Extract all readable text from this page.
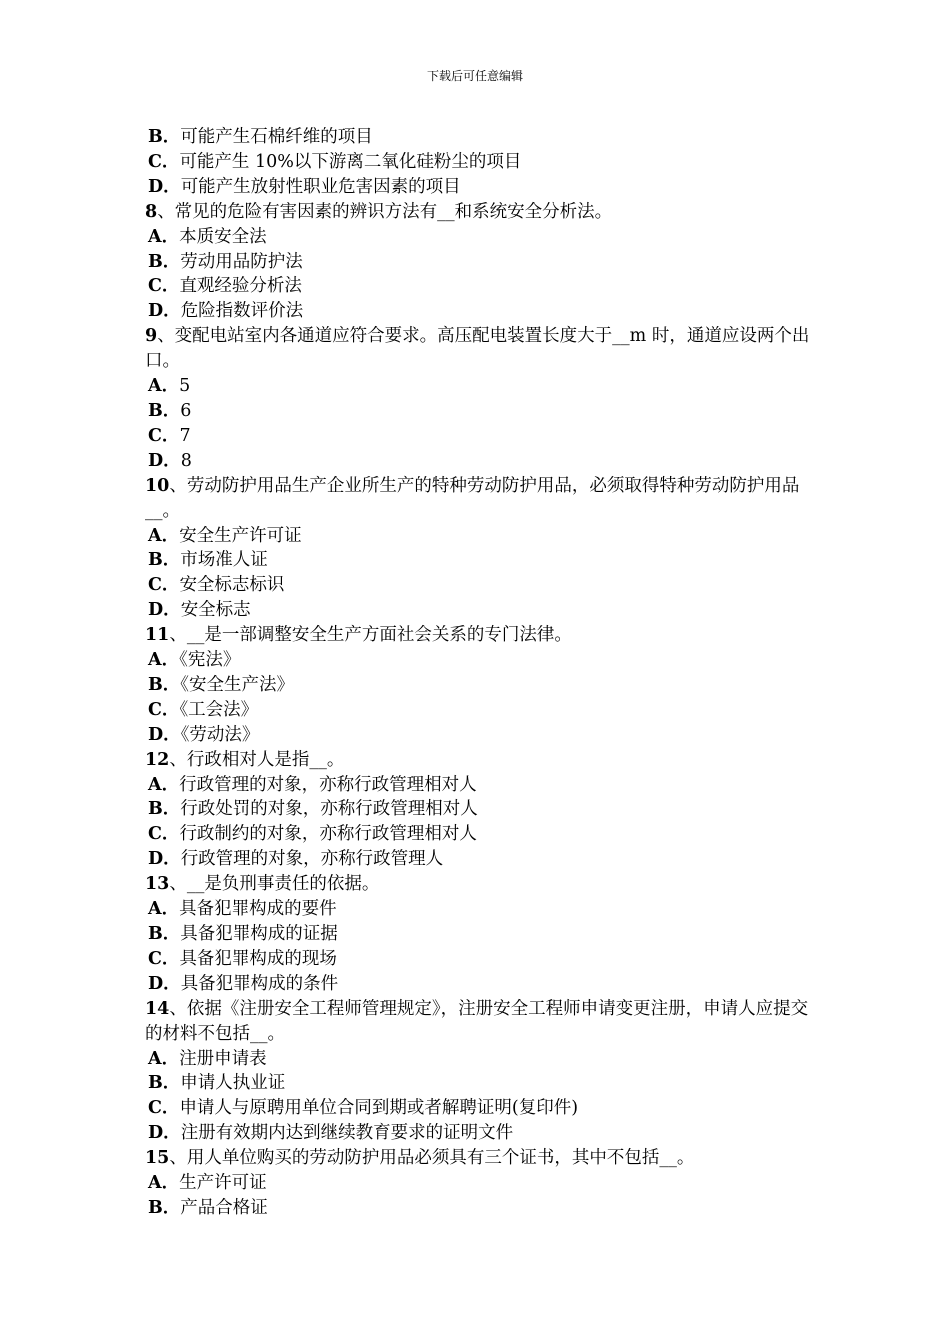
下载后可任意编辑
B．可能产生石棉纤维的项目
C．可能产生 10%以下游离二氧化硅粉尘的项目
D．可能产生放射性职业危害因素的项目
8、常见的危险有害因素的辨识方法有__和系统安全分析法。
A．本质安全法
B．劳动用品防护法
C．直观经验分析法
D．危险指数评价法
9、变配电站室内各通道应符合要求。高压配电装置长度大于__m 时，通道应设两个出口。
A．5
B．6
C．7
D．8
10、劳动防护用品生产企业所生产的特种劳动防护用品，必须取得特种劳动防护用品__。
A．安全生产许可证
B．市场准人证
C．安全标志标识
D．安全标志
11、__是一部调整安全生产方面社会关系的专门法律。
A．《宪法》
B．《安全生产法》
C．《工会法》
D．《劳动法》
12、行政相对人是指__。
A．行政管理的对象，亦称行政管理相对人
B．行政处罚的对象，亦称行政管理相对人
C．行政制约的对象，亦称行政管理相对人
D．行政管理的对象，亦称行政管理人
13、__是负刑事责任的依据。
A．具备犯罪构成的要件
B．具备犯罪构成的证据
C．具备犯罪构成的现场
D．具备犯罪构成的条件
14、依据《注册安全工程师管理规定》，注册安全工程师申请变更注册，申请人应提交的材料不包括__。
A．注册申请表
B．申请人执业证
C．申请人与原聘用单位合同到期或者解聘证明(复印件)
D．注册有效期内达到继续教育要求的证明文件
15、用人单位购买的劳动防护用品必须具有三个证书，其中不包括__。
A．生产许可证
B．产品合格证
